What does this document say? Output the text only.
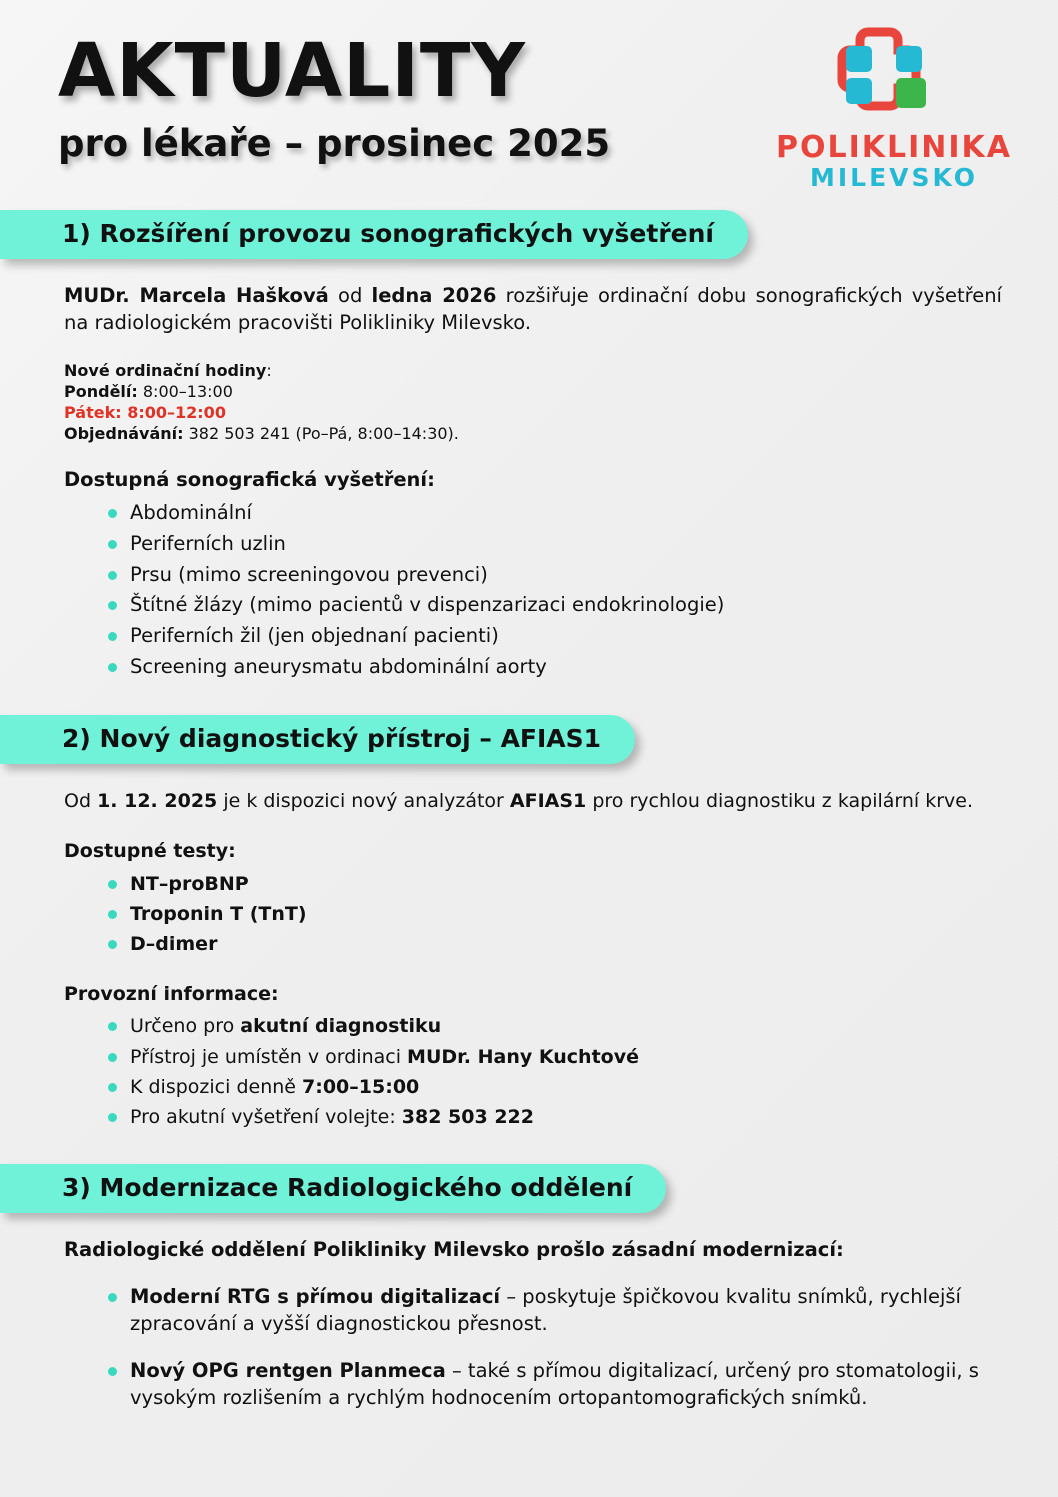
AKTUALITY
pro lékaře – prosinec 2025	POLIKLINIKA
MILEVSKO
1) Rozšíření provozu sonografických vyšetření

MUDr. Marcela Hašková od ledna 2026 rozšiřuje ordinační dobu sonografických vyšetření na radiologickém pracovišti Polikliniky Milevsko.

Nové ordinační hodiny:
Pondělí: 8:00–13:00
Pátek: 8:00–12:00
Objednávání: 382 503 241 (Po–Pá, 8:00–14:30).

Dostupná sonografická vyšetření:

Abdominální
Periferních uzlin
Prsu (mimo screeningovou prevenci)
Štítné žlázy (mimo pacientů v dispenzarizaci endokrinologie)
Periferních žil (jen objednaní pacienti)
Screening aneurysmatu abdominální aorty
2) Nový diagnostický přístroj – AFIAS1

Od 1. 12. 2025 je k dispozici nový analyzátor AFIAS1 pro rychlou diagnostiku z kapilární krve.

Dostupné testy:

NT–proBNP
Troponin T (TnT)
D–dimer

Provozní informace:

Určeno pro akutní diagnostiku
Přístroj je umístěn v ordinaci MUDr. Hany Kuchtové
K dispozici denně 7:00–15:00
Pro akutní vyšetření volejte: 382 503 222
3) Modernizace Radiologického oddělení

Radiologické oddělení Polikliniky Milevsko prošlo zásadní modernizací:

Moderní RTG s přímou digitalizací – poskytuje špičkovou kvalitu snímků, rychlejší zpracování a vyšší diagnostickou přesnost.
Nový OPG rentgen Planmeca – také s přímou digitalizací, určený pro stomatologii, s vysokým rozlišením a rychlým hodnocením ortopantomografických snímků.
